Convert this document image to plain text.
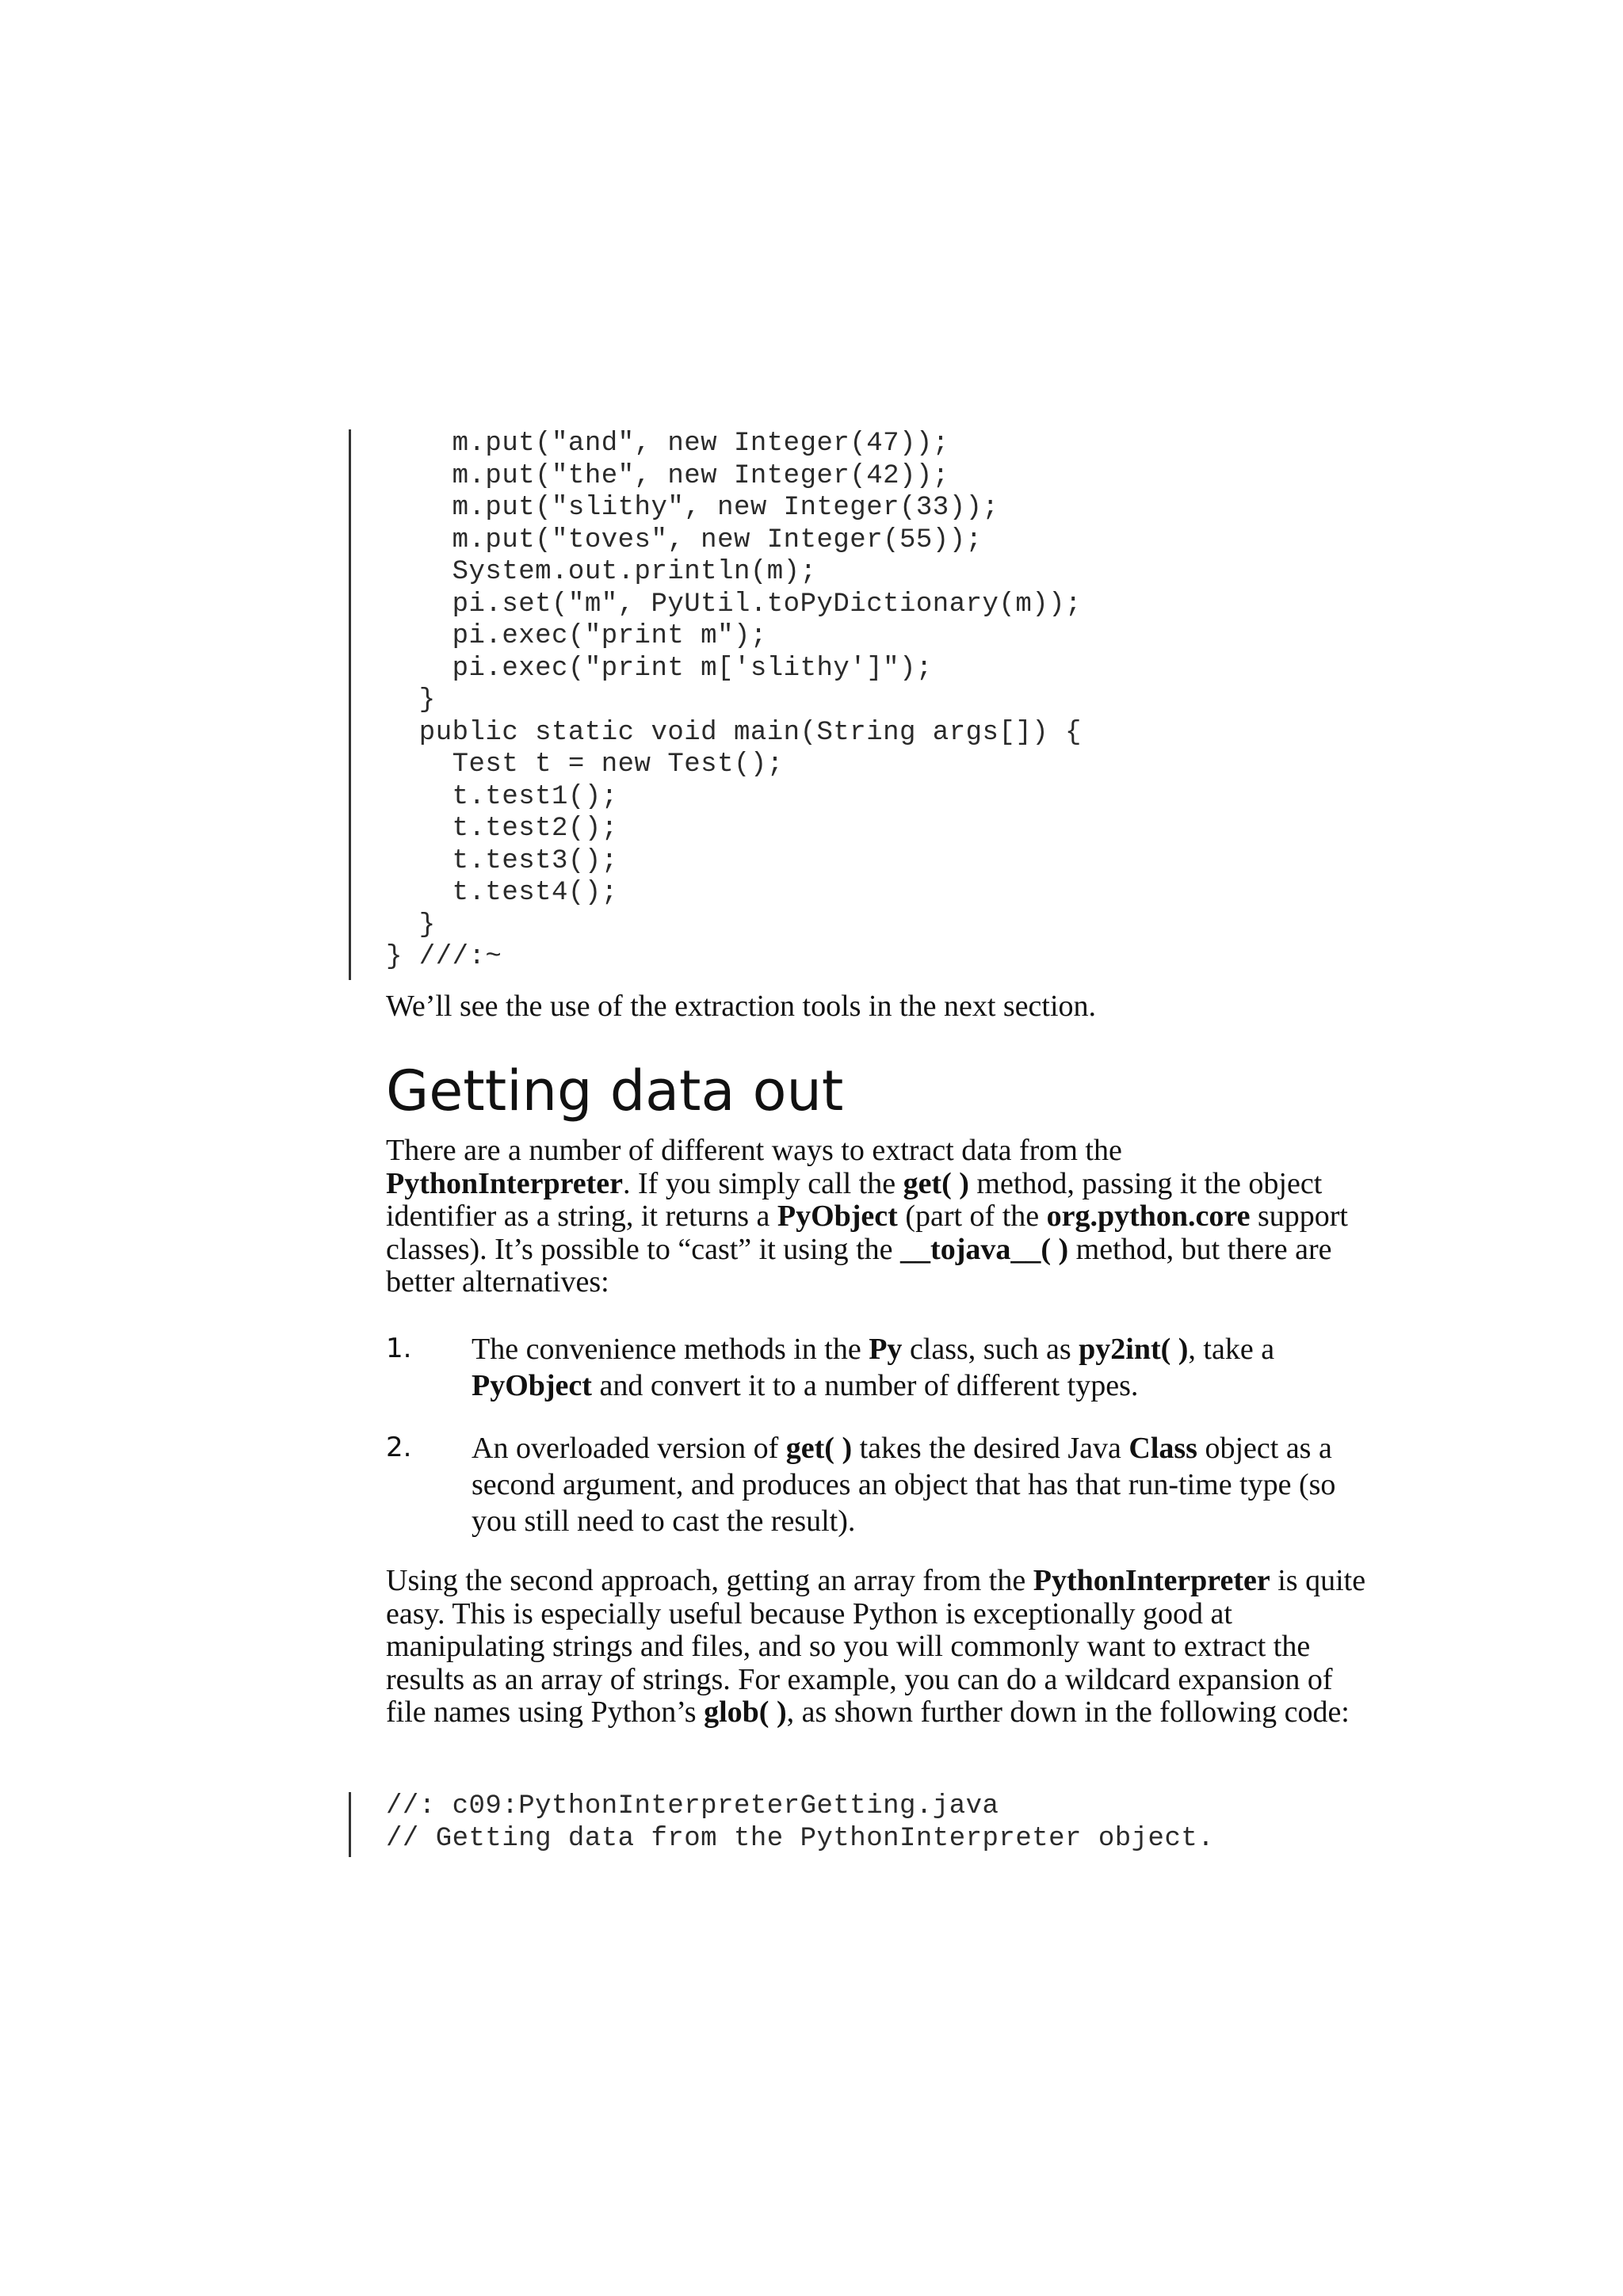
m.put("and", new Integer(47));
m.put("the", new Integer(42));
m.put("slithy", new Integer(33));
m.put("toves", new Integer(55));
System.out.println(m);
pi.set("m", PyUtil.toPyDictionary(m));
pi.exec("print m");
pi.exec("print m['slithy']");
}
public static void main(String args[]) {
Test t = new Test();
t.test1();
t.test2();
t.test3();
t.test4();
}
} ///:~
We’ll see the use of the extraction tools in the next section.
Getting data out
There are a number of different ways to extract data from the PythonInterpreter. If you simply call the get( ) method, passing it the object identifier as a string, it returns a PyObject (part of the org.python.core support classes). It’s possible to “cast” it using the __tojava__( ) method, but there are better alternatives:
1. The convenience methods in the Py class, such as py2int( ), take a PyObject and convert it to a number of different types.
2. An overloaded version of get( ) takes the desired Java Class object as a second argument, and produces an object that has that run-time type (so you still need to cast the result).
Using the second approach, getting an array from the PythonInterpreter is quite easy. This is especially useful because Python is exceptionally good at manipulating strings and files, and so you will commonly want to extract the results as an array of strings. For example, you can do a wildcard expansion of file names using Python’s glob( ), as shown further down in the following code:
//: c09:PythonInterpreterGetting.java
// Getting data from the PythonInterpreter object.
